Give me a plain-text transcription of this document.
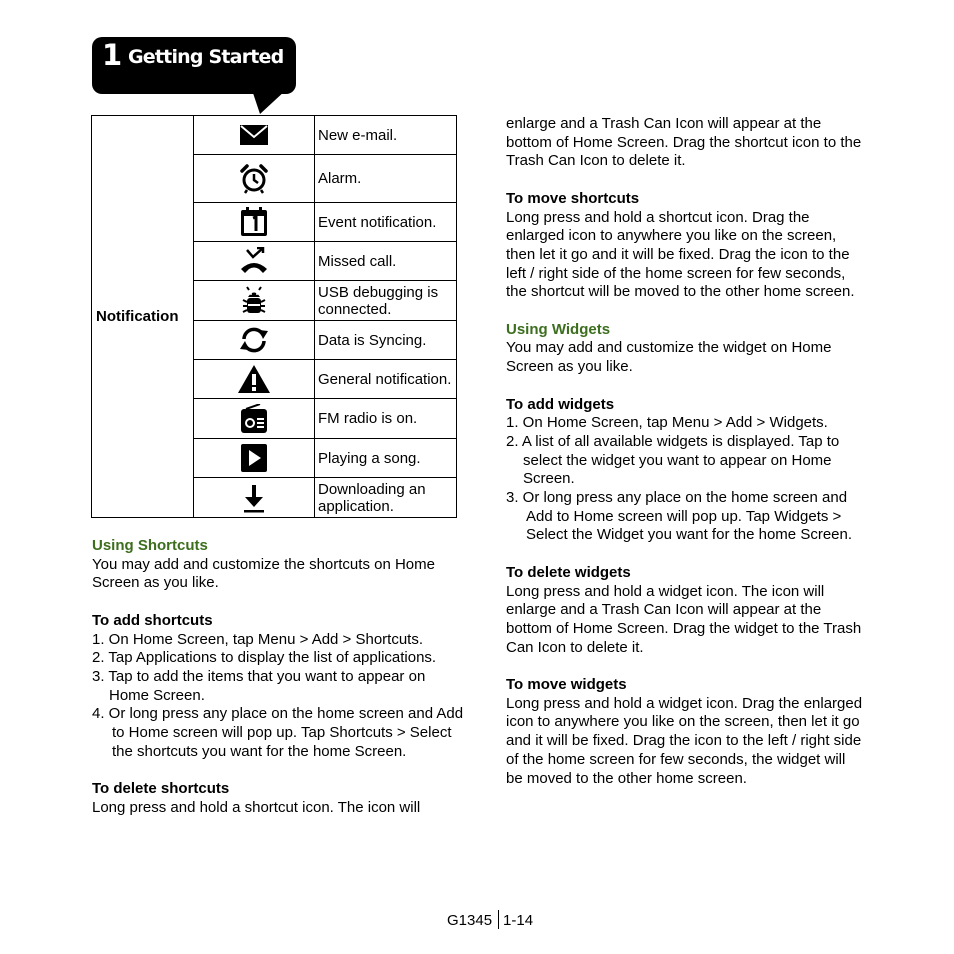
1 Getting Started
Notification		New e-mail.

	Alarm.

	Event notification.

	Missed call.

	USB debugging is connected.

	Data is Syncing.

	General notification.

	FM radio is on.

	Playing a song.

	Downloading an application.

Using Shortcuts

You may add and customize the shortcuts on Home Screen as you like.

To add shortcuts

1. On Home Screen, tap Menu > Add > Shortcuts.

2. Tap Applications to display the list of applications.

3. Tap to add the items that you want to appear on Home Screen.

4. Or long press any place on the home screen and Add to Home screen will pop up. Tap Shortcuts > Select the shortcuts you want for the home Screen.

To delete shortcuts

Long press and hold a shortcut icon. The icon will

enlarge and a Trash Can Icon will appear at the bottom of Home Screen. Drag the shortcut icon to the Trash Can Icon to delete it.

To move shortcuts

Long press and hold a shortcut icon. Drag the enlarged icon to anywhere you like on the screen, then let it go and it will be fixed. Drag the icon to the left / right side of the home screen for few seconds, the shortcut will be moved to the other home screen.

Using Widgets

You may add and customize the widget on Home Screen as you like.

To add widgets

1. On Home Screen, tap Menu > Add > Widgets.

2. A list of all available widgets is displayed. Tap to select the widget you want to appear on Home Screen.

3. Or long press any place on the home screen and Add to Home screen will pop up. Tap Widgets > Select the Widget you want for the home Screen.

To delete widgets

Long press and hold a widget icon. The icon will enlarge and a Trash Can Icon will appear at the bottom of Home Screen. Drag the widget to the Trash Can Icon to delete it.

To move widgets

Long press and hold a widget icon. Drag the enlarged icon to anywhere you like on the screen, then let it go and it will be fixed. Drag the icon to the left / right side of the home screen for few seconds, the widget will be moved to the other home screen.

G1345 1-14
